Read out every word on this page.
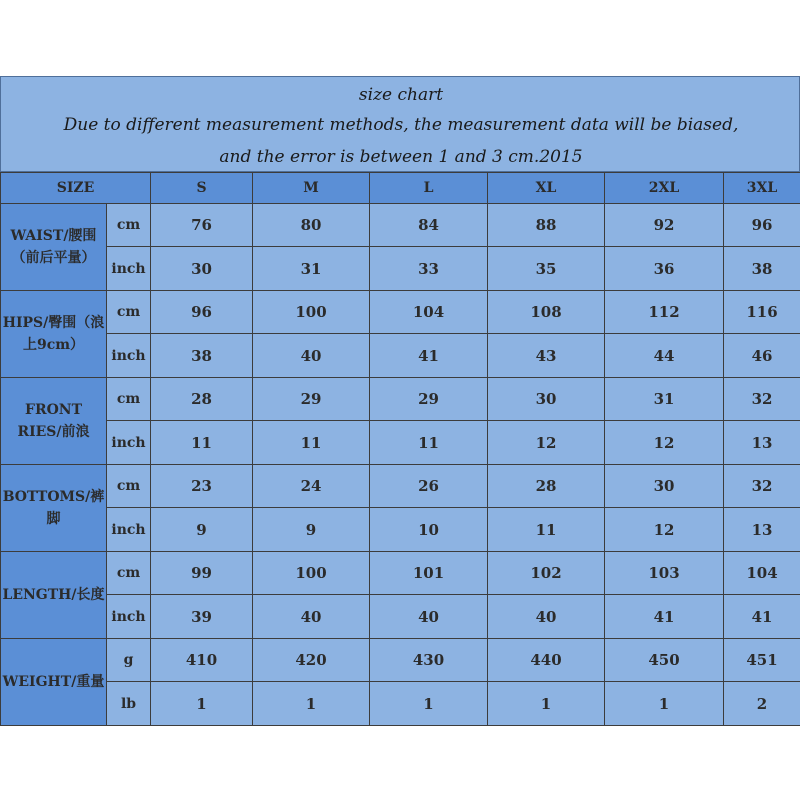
size chart
Due to different measurement methods, the measurement data will be biased,
and the error is between 1 and 3 cm.2015
SIZE		S	M	L	XL	2XL	3XL
WAIST/腰围（前后平量）	cm	76	80	84	88	92	96
	inch	30	31	33	35	36	38
HIPS/臀围（浪上9cm）	cm	96	100	104	108	112	116
	inch	38	40	41	43	44	46
FRONT RIES/前浪	cm	28	29	29	30	31	32
	inch	11	11	11	12	12	13
BOTTOMS/裤脚	cm	23	24	26	28	30	32
	inch	9	9	10	11	12	13
LENGTH/长度	cm	99	100	101	102	103	104
	inch	39	40	40	40	41	41
WEIGHT/重量	g	410	420	430	440	450	451
	lb	1	1	1	1	1	2
